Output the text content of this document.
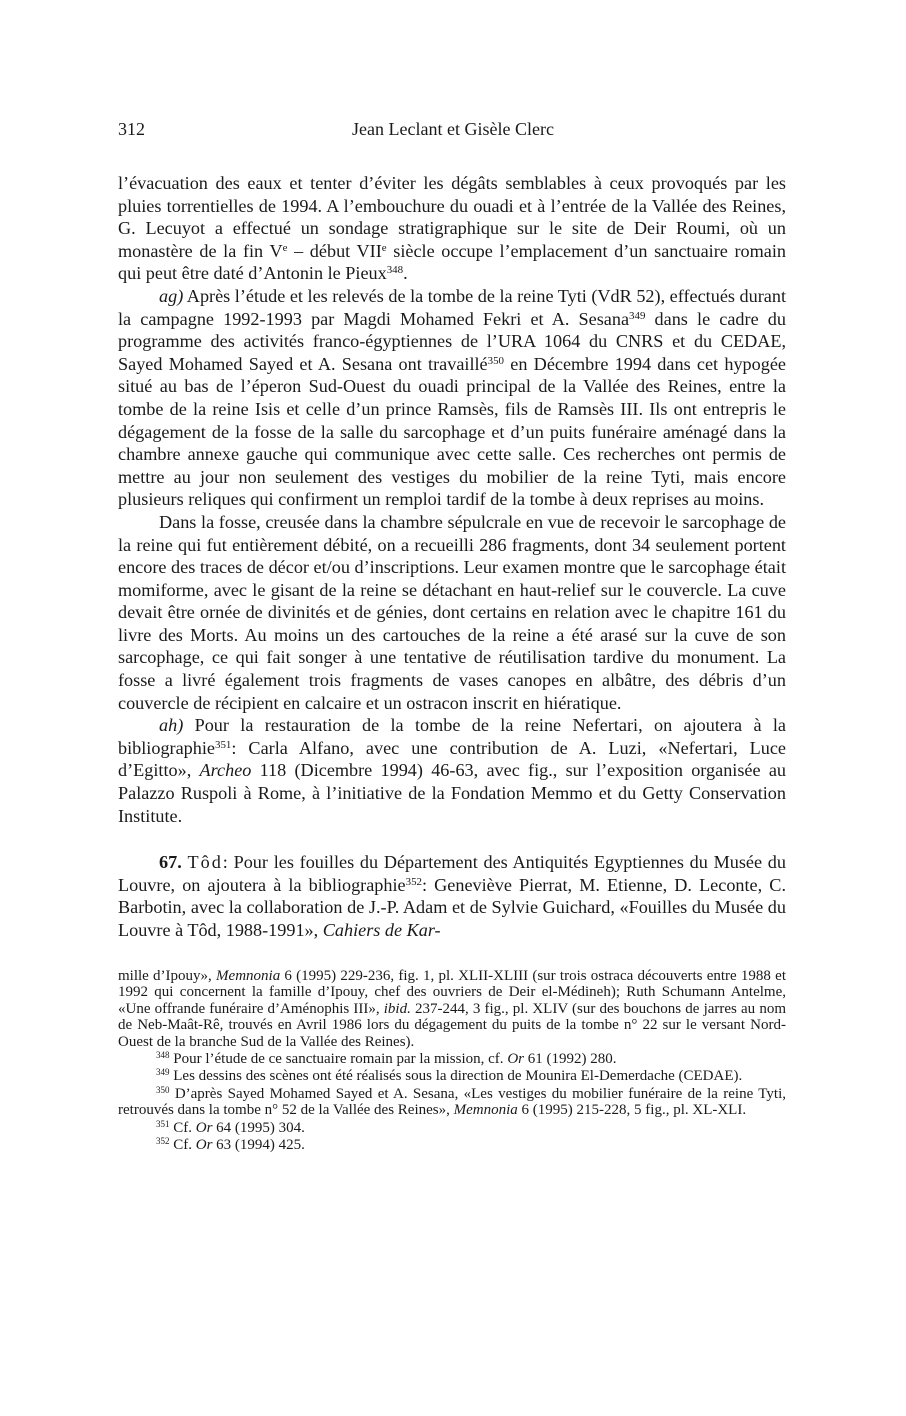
312	Jean Leclant et Gisèle Clerc

l’évacuation des eaux et tenter d’éviter les dégâts semblables à ceux provoqués par les pluies torrentielles de 1994. A l’embouchure du ouadi et à l’entrée de la Vallée des Reines, G. Lecuyot a effectué un sondage stratigraphique sur le site de Deir Roumi, où un monastère de la fin Ve – début VIIe siècle occupe l’emplacement d’un sanctuaire romain qui peut être daté d’Antonin le Pieux$^{348}$.

ag) Après l’étude et les relevés de la tombe de la reine Tyti (VdR 52), effectués durant la campagne 1992-1993 par Magdi Mohamed Fekri et A. Sesana$^{349}$ dans le cadre du programme des activités franco-égyptiennes de l’URA 1064 du CNRS et du CEDAE, Sayed Mohamed Sayed et A. Sesana ont travaillé$^{350}$ en Décembre 1994 dans cet hypogée situé au bas de l’éperon Sud-Ouest du ouadi principal de la Vallée des Reines, entre la tombe de la reine Isis et celle d’un prince Ramsès, fils de Ramsès III. Ils ont entrepris le dégagement de la fosse de la salle du sarcophage et d’un puits funéraire aménagé dans la chambre annexe gauche qui communique avec cette salle. Ces recherches ont permis de mettre au jour non seulement des vestiges du mobilier de la reine Tyti, mais encore plusieurs reliques qui confirment un remploi tardif de la tombe à deux reprises au moins.

Dans la fosse, creusée dans la chambre sépulcrale en vue de recevoir le sarcophage de la reine qui fut entièrement débité, on a recueilli 286 fragments, dont 34 seulement portent encore des traces de décor et/ou d’inscriptions. Leur examen montre que le sarcophage était momiforme, avec le gisant de la reine se détachant en haut-relief sur le couvercle. La cuve devait être ornée de divinités et de génies, dont certains en relation avec le chapitre 161 du livre des Morts. Au moins un des cartouches de la reine a été arasé sur la cuve de son sarcophage, ce qui fait songer à une tentative de réutilisation tardive du monument. La fosse a livré également trois fragments de vases canopes en albâtre, des débris d’un couvercle de récipient en calcaire et un ostracon inscrit en hiératique.

ah) Pour la restauration de la tombe de la reine Nefertari, on ajoutera à la bibliographie$^{351}$: Carla Alfano, avec une contribution de A. Luzi, «Nefertari, Luce d’Egitto», Archeo 118 (Dicembre 1994) 46-63, avec fig., sur l’exposition organisée au Palazzo Ruspoli à Rome, à l’initiative de la Fondation Memmo et du Getty Conservation Institute.

67. Tôd: Pour les fouilles du Département des Antiquités Egyptiennes du Musée du Louvre, on ajoutera à la bibliographie$^{352}$: Geneviève Pierrat, M. Etienne, D. Leconte, C. Barbotin, avec la collaboration de J.-P. Adam et de Sylvie Guichard, «Fouilles du Musée du Louvre à Tôd, 1988-1991», Cahiers de Kar-

mille d’Ipouy», Memnonia 6 (1995) 229-236, fig. 1, pl. XLII-XLIII (sur trois ostraca découverts entre 1988 et 1992 qui concernent la famille d’Ipouy, chef des ouvriers de Deir el-Médineh); Ruth Schumann Antelme, «Une offrande funéraire d’Aménophis III», ibid. 237-244, 3 fig., pl. XLIV (sur des bouchons de jarres au nom de Neb-Maât-Rê, trouvés en Avril 1986 lors du dégagement du puits de la tombe n° 22 sur le versant Nord-Ouest de la branche Sud de la Vallée des Reines).

$^{348}$ Pour l’étude de ce sanctuaire romain par la mission, cf. Or 61 (1992) 280.

$^{349}$ Les dessins des scènes ont été réalisés sous la direction de Mounira El-Demerdache (CEDAE).

$^{350}$ D’après Sayed Mohamed Sayed et A. Sesana, «Les vestiges du mobilier funéraire de la reine Tyti, retrouvés dans la tombe n° 52 de la Vallée des Reines», Memnonia 6 (1995) 215-228, 5 fig., pl. XL-XLI.

$^{351}$ Cf. Or 64 (1995) 304.

$^{352}$ Cf. Or 63 (1994) 425.
